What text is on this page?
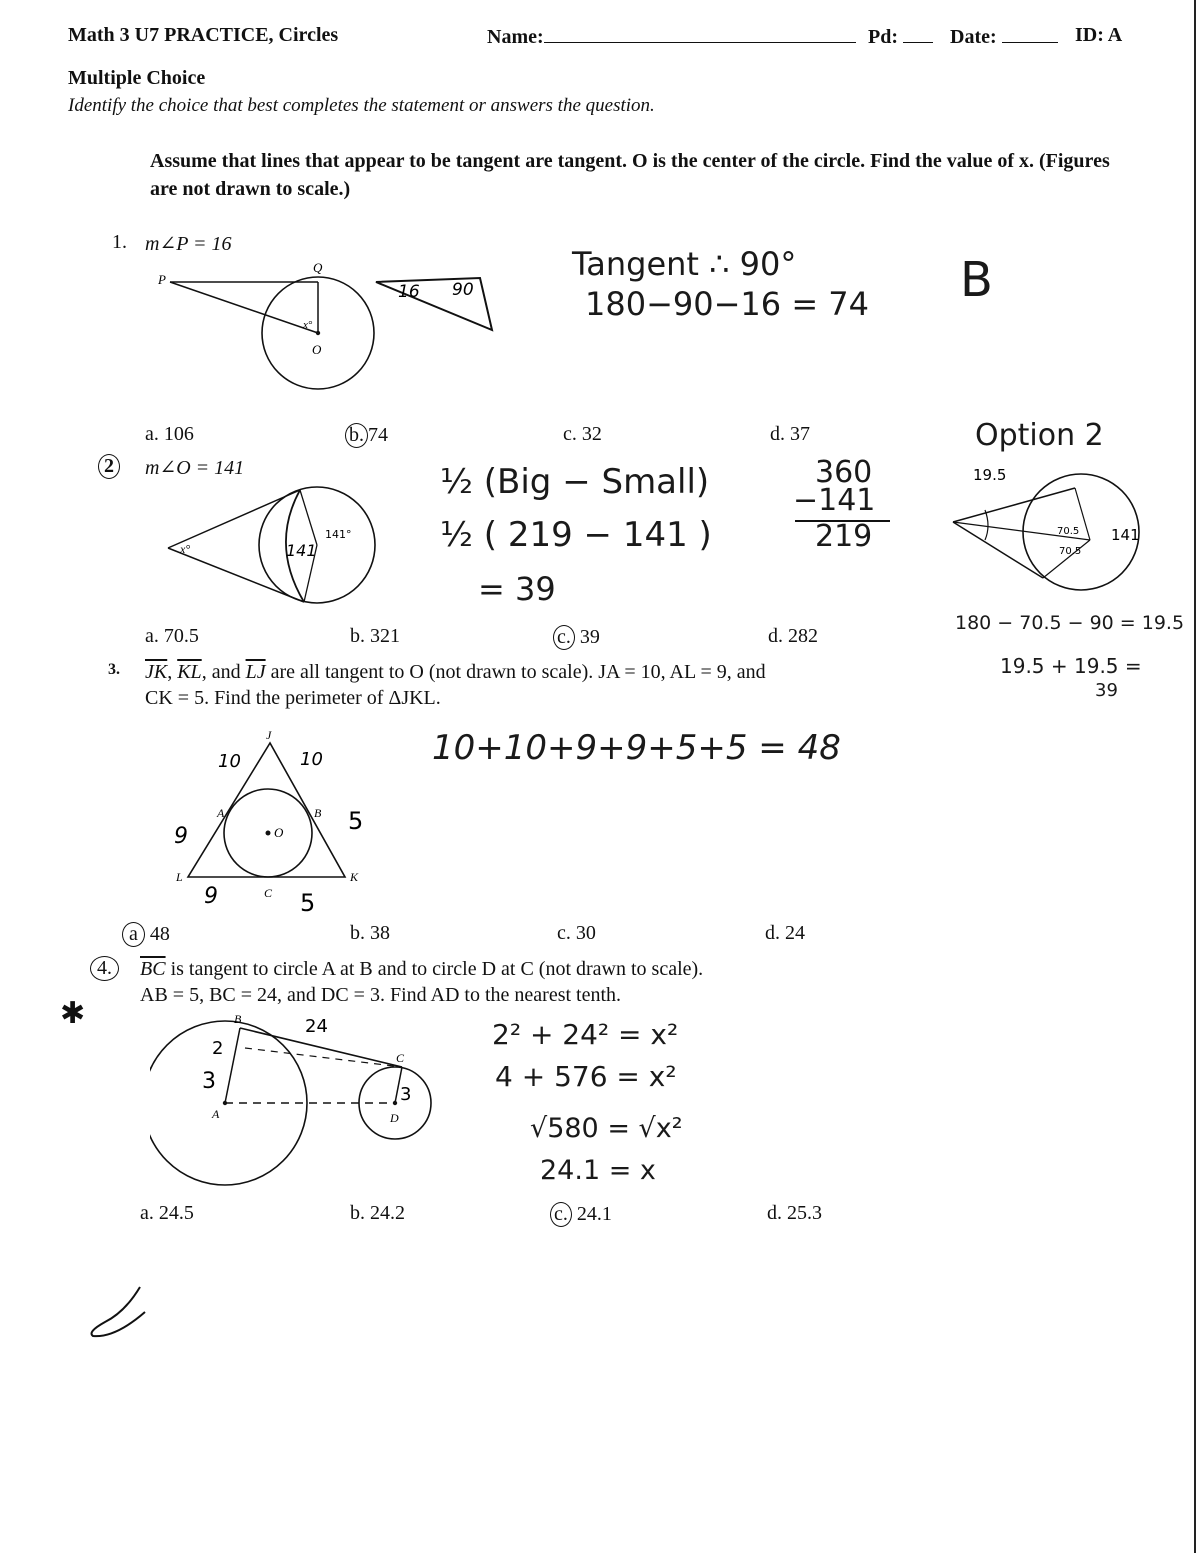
Math 3 U7 PRACTICE, Circles	Name:	Pd:	Date:	ID: A
Multiple Choice
Identify the choice that best completes the statement or answers the question.
Assume that lines that appear to be tangent are tangent. O is the center of the circle. Find the value of x. (Figures are not drawn to scale.)
1. m∠P = 16
P
Q
O
x°
16 90
Tangent ∴ 90°
180−90−16 = 74 B
a. 106	b. 74	c. 32	d. 37
2	m∠O = 141
x°	141
141°
½ (Big − Small)
½ ( 219 − 141 )
= 39
360
−141
219
Option 2
19.5
70.5
70.5
141
180 − 70.5 − 90 = 19.5
19.5 + 19.5 =
39
a. 70.5	b. 321	c. 39	d. 282
3. $\overline{JK}$, $\overline{KL}$, and $\overline{LJ}$ are all tangent to O (not drawn to scale). JA = 10, AL = 9, and
CK = 5. Find the perimeter of ΔJKL.
O
J
K
L
A	B
C
10	10
9
9
5
5
10+10+9+9+5+5 = 48
a 48	b. 38	c. 30	d. 24
4.	$\overline{BC}$ is tangent to circle A at B and to circle D at C (not drawn to scale).
AB = 5, BC = 24, and DC = 3. Find AD to the nearest tenth.
✱	B
C
A	D
24
3
3
2	2² + 24² = x²
4 + 576 = x²
√580 = √x²
24.1 = x
a. 24.5	b. 24.2	c. 24.1	d. 25.3
